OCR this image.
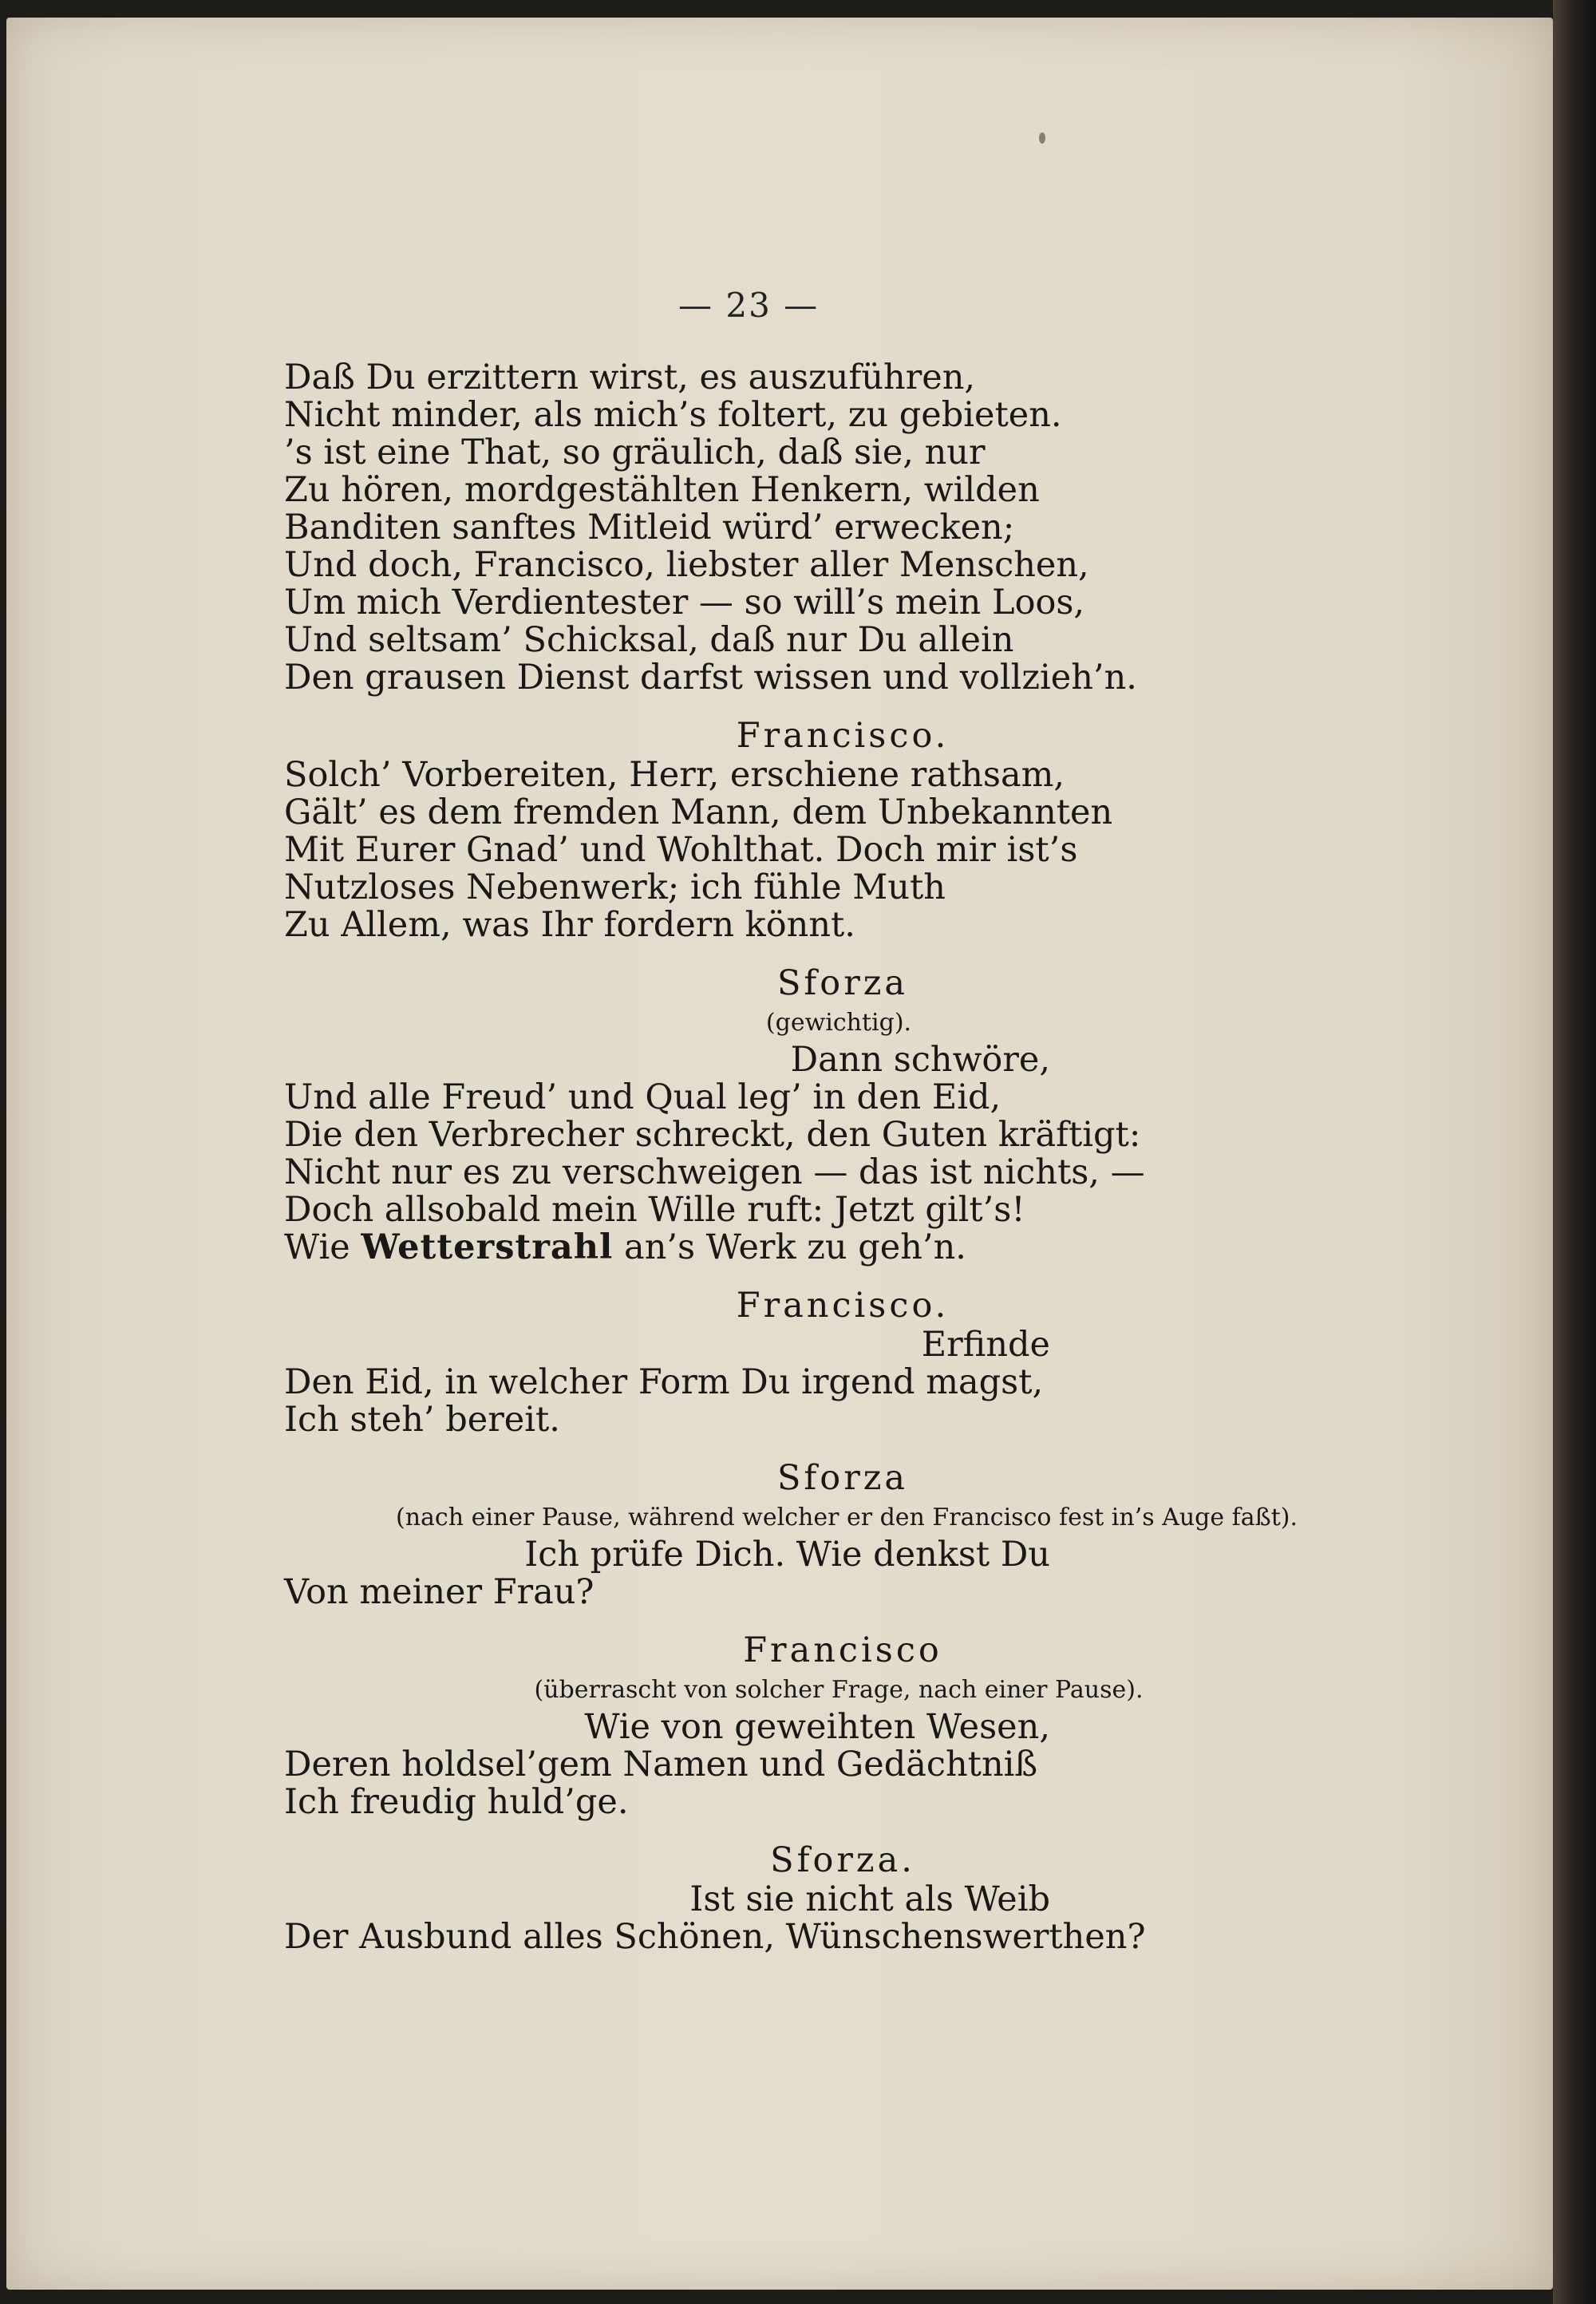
— 23 —
Daß Du erzittern wirst, es auszuführen,
Nicht minder, als mich’s foltert, zu gebieten.
’s ist eine That, so gräulich, daß sie, nur
Zu hören, mordgestählten Henkern, wilden
Banditen sanftes Mitleid würd’ erwecken;
Und doch, Francisco, liebster aller Menschen,
Um mich Verdientester — so will’s mein Loos,
Und seltsam’ Schicksal, daß nur Du allein
Den grausen Dienst darfst wissen und vollzieh’n.
Francisco.
Solch’ Vorbereiten, Herr, erschiene rathsam,
Gält’ es dem fremden Mann, dem Unbekannten
Mit Eurer Gnad’ und Wohlthat. Doch mir ist’s
Nutzloses Nebenwerk; ich fühle Muth
Zu Allem, was Ihr fordern könnt.
Sforza
(gewichtig).
Dann schwöre,
Und alle Freud’ und Qual leg’ in den Eid,
Die den Verbrecher schreckt, den Guten kräftigt:
Nicht nur es zu verschweigen — das ist nichts, —
Doch allsobald mein Wille ruft: Jetzt gilt’s!
Wie Wetterstrahl an’s Werk zu geh’n.
Francisco.
Erfinde
Den Eid, in welcher Form Du irgend magst,
Ich steh’ bereit.
Sforza
(nach einer Pause, während welcher er den Francisco fest in’s Auge faßt).
Ich prüfe Dich. Wie denkst Du
Von meiner Frau?
Francisco
(überrascht von solcher Frage, nach einer Pause).
Wie von geweihten Wesen,
Deren holdsel’gem Namen und Gedächtniß
Ich freudig huld’ge.
Sforza.
Ist sie nicht als Weib
Der Ausbund alles Schönen, Wünschenswerthen?
